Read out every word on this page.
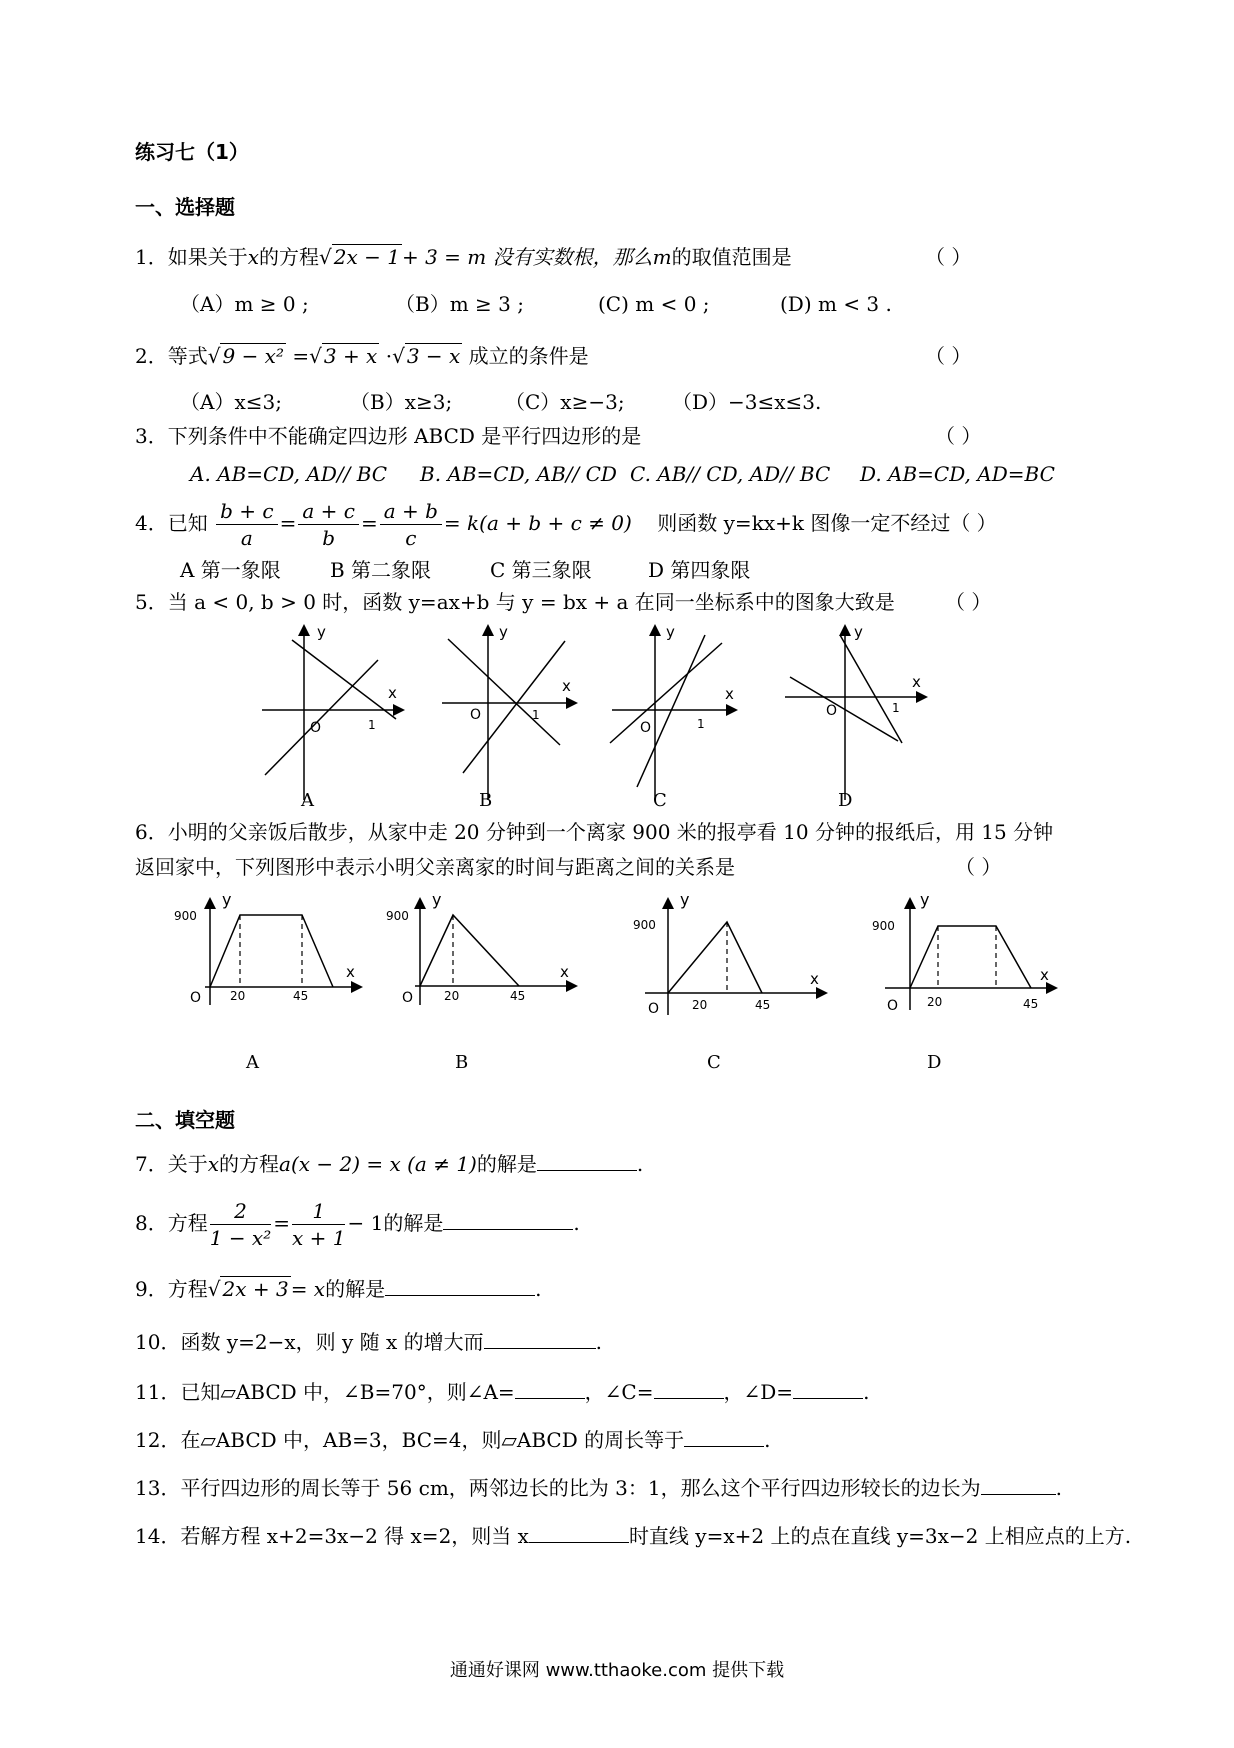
练习七（1）
一、选择题
1．如果关于x的方程√ 2x − 1 + 3 = m 没有实数根，那么m的取值范围是	（ ）
（A）m ≥ 0 ;	（B）m ≥ 3 ;	(C) m < 0 ;	(D) m < 3 .
2．等式√ 9 − x² =√ 3 + x ·√ 3 − x 成立的条件是	（ ）
（A）x≤3;	（B）x≥3;	（C）x≥−3; （D）−3≤x≤3.
3．下列条件中不能确定四边形 ABCD 是平行四边形的是	（ ）
A. AB=CD, AD// BC B. AB=CD, AB// CD C. AB// CD, AD// BC D. AB=CD, AD=BC
4．已知 $\frac{b + c}{a} = \frac{a + c}{b} = \frac{a + b}{c} = k(a + b + c \ne 0)$ 则函数 y=kx+k 图像一定不经过（ ）
A 第一象限 B 第二象限	C 第三象限	D 第四象限
5．当 a < 0, b > 0 时，函数 y=ax+b 与 y = bx + a 在同一坐标系中的图象大致是	（ ）
y
x
O	1
y
x
O	1
y
x
O	1
y
x
O	1
A	B	C	D
6．小明的父亲饭后散步，从家中走 20 分钟到一个离家 900 米的报亭看 10 分钟的报纸后，用 15 分钟
返回家中，下列图形中表示小明父亲离家的时间与距离之间的关系是	（ ）
y
x
900
O 20	45
y
x
900
O	20	45
y
x
900
O	20	45
y
x
900
O 20	45
A	B	C	D
二、填空题
7．关于x的方程a(x − 2) = x (a ≠ 1)的解是	.
8．方程 $\frac{2}{\text{1 − x²}} = \frac{1}{x + 1} - 1$的解是	.
9．方程√ 2x + 3 = x的解是	.
10．函数 y=2−x，则 y 随 x 的增大而	.
11．已知▱ABCD 中，∠B=70°，则∠A=	，∠C=	，∠D=	.
12．在▱ABCD 中，AB=3，BC=4，则▱ABCD 的周长等于	.
13．平行四边形的周长等于 56 cm，两邻边长的比为 3：1，那么这个平行四边形较长的边长为	.
14．若解方程 x+2=3x−2 得 x=2，则当 x	时直线 y=x+2 上的点在直线 y=3x−2 上相应点的上方.
通通好课网 www.tthaoke.com 提供下载
